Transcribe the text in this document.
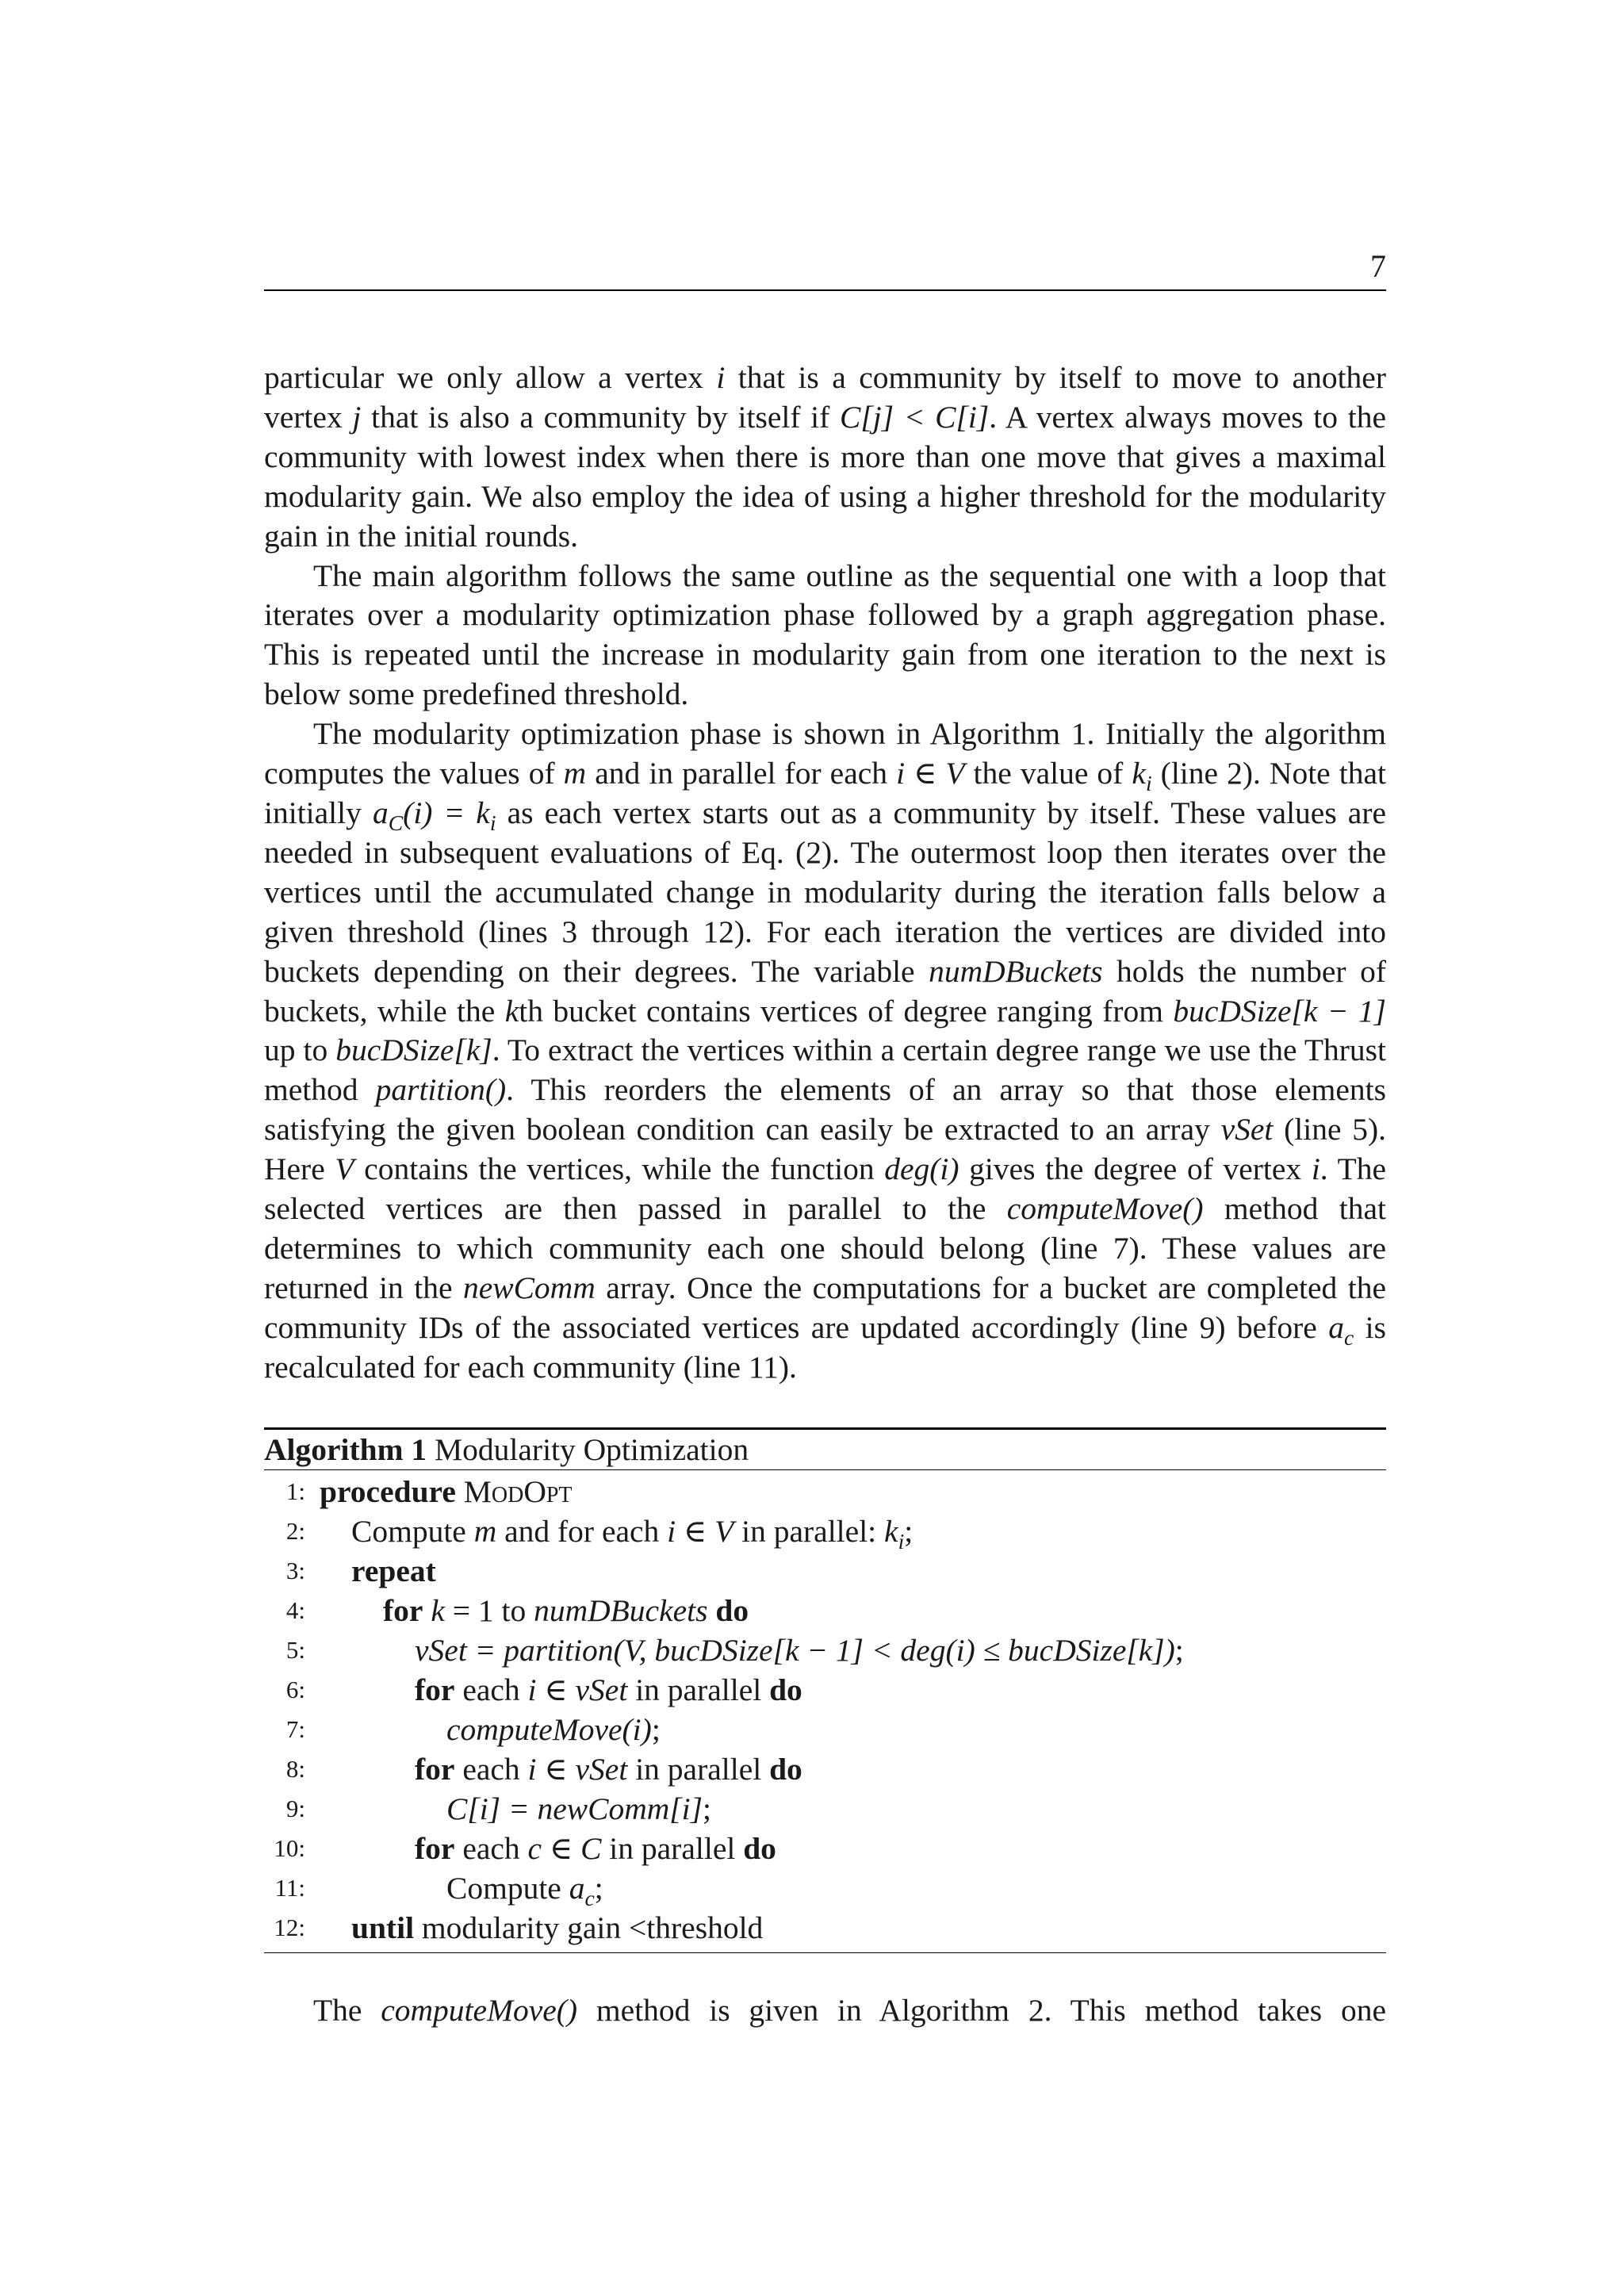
7

particular we only allow a vertex i that is a community by itself to move to another vertex j that is also a community by itself if C[j] < C[i]. A vertex always moves to the community with lowest index when there is more than one move that gives a maximal modularity gain. We also employ the idea of using a higher threshold for the modularity gain in the initial rounds.

The main algorithm follows the same outline as the sequential one with a loop that iterates over a modularity optimization phase followed by a graph aggregation phase. This is repeated until the increase in modularity gain from one iteration to the next is below some predefined threshold.

The modularity optimization phase is shown in Algorithm 1. Initially the algorithm computes the values of m and in parallel for each i ∈ V the value of $k_i$ (line 2). Note that initially $a_C(i) = k_i$ as each vertex starts out as a community by itself. These values are needed in subsequent evaluations of Eq. (2). The outermost loop then iterates over the vertices until the accumulated change in modularity during the iteration falls below a given threshold (lines 3 through 12). For each iteration the vertices are divided into buckets depending on their degrees. The variable numDBuckets holds the number of buckets, while the kth bucket contains vertices of degree ranging from bucDSize[k − 1] up to bucDSize[k]. To extract the vertices within a certain degree range we use the Thrust method partition(). This reorders the elements of an array so that those elements satisfying the given boolean condition can easily be extracted to an array vSet (line 5). Here V contains the vertices, while the function deg(i) gives the degree of vertex i. The selected vertices are then passed in parallel to the computeMove() method that determines to which community each one should belong (line 7). These values are returned in the newComm array. Once the computations for a bucket are completed the community IDs of the associated vertices are updated accordingly (line 9) before $a_c$ is recalculated for each community (line 11).

Algorithm 1 Modularity Optimization
1: procedure ModOpt
2: Compute m and for each i ∈ V in parallel: $k_i$;
3: repeat
4: for k = 1 to numDBuckets do
5:	vSet = partition(V, bucDSize[k − 1] < deg(i) ≤ bucDSize[k]);
6:	for each i ∈ vSet in parallel do
7:	computeMove(i);
8:	for each i ∈ vSet in parallel do
9:	C[i] = newComm[i];
10:	for each c ∈ C in parallel do
11:	Compute $a_c$;
12: until modularity gain <threshold
The computeMove() method is given in Algorithm 2. This method takes one
